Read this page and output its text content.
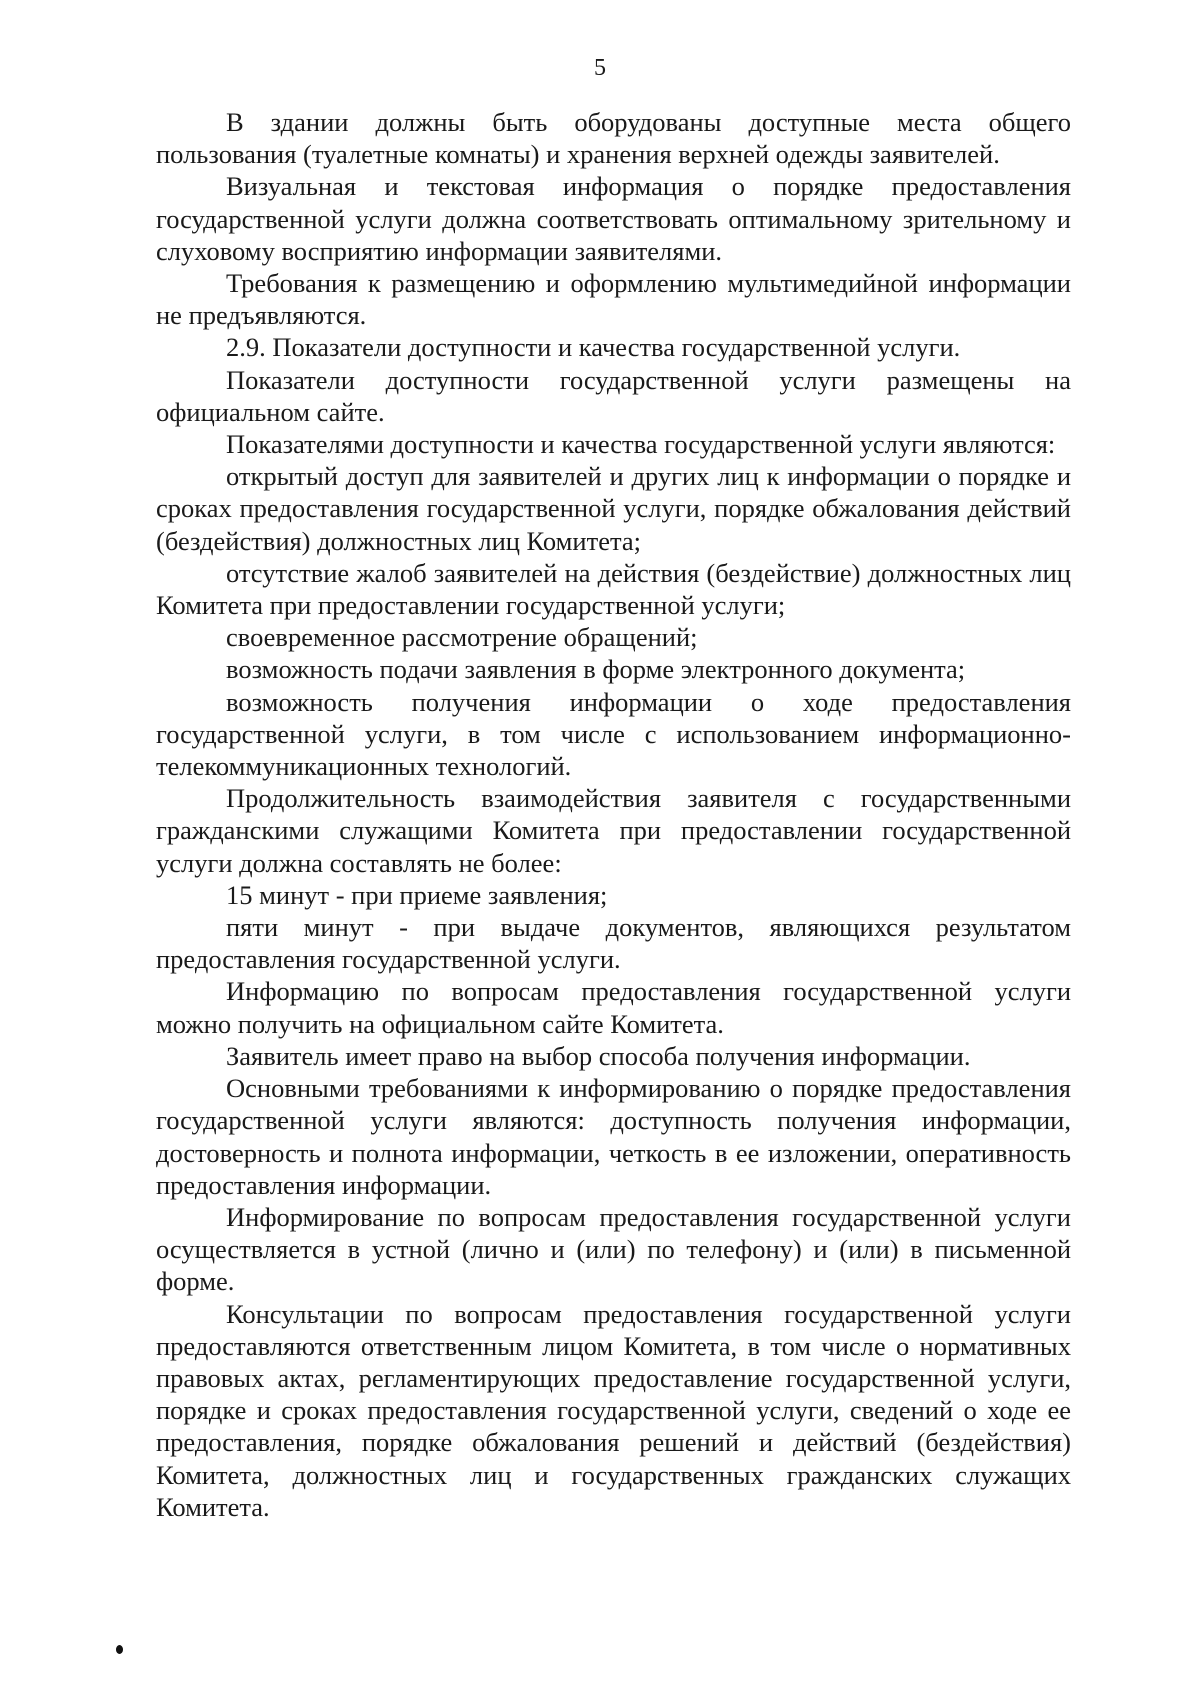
5

В здании должны быть оборудованы доступные места общего пользования (туалетные комнаты) и хранения верхней одежды заявителей.

Визуальная и текстовая информация о порядке предоставления государственной услуги должна соответствовать оптимальному зрительному и слуховому восприятию информации заявителями.

Требования к размещению и оформлению мультимедийной информации не предъявляются.

2.9. Показатели доступности и качества государственной услуги.

Показатели доступности государственной услуги размещены на официальном сайте.

Показателями доступности и качества государственной услуги являются:

открытый доступ для заявителей и других лиц к информации о порядке и сроках предоставления государственной услуги, порядке обжалования действий (бездействия) должностных лиц Комитета;

отсутствие жалоб заявителей на действия (бездействие) должностных лиц Комитета при предоставлении государственной услуги;

своевременное рассмотрение обращений;

возможность подачи заявления в форме электронного документа;

возможность получения информации о ходе предоставления государственной услуги, в том числе с использованием информационно-телекоммуникационных технологий.

Продолжительность взаимодействия заявителя с государственными гражданскими служащими Комитета при предоставлении государственной услуги должна составлять не более:

15 минут - при приеме заявления;

пяти минут - при выдаче документов, являющихся результатом предоставления государственной услуги.

Информацию по вопросам предоставления государственной услуги можно получить на официальном сайте Комитета.

Заявитель имеет право на выбор способа получения информации.

Основными требованиями к информированию о порядке предоставления государственной услуги являются: доступность получения информации, достоверность и полнота информации, четкость в ее изложении, оперативность предоставления информации.

Информирование по вопросам предоставления государственной услуги осуществляется в устной (лично и (или) по телефону) и (или) в письменной форме.

Консультации по вопросам предоставления государственной услуги предоставляются ответственным лицом Комитета, в том числе о нормативных правовых актах, регламентирующих предоставление государственной услуги, порядке и сроках предоставления государственной услуги, сведений о ходе ее предоставления, порядке обжалования решений и действий (бездействия) Комитета, должностных лиц и государственных гражданских служащих Комитета.
